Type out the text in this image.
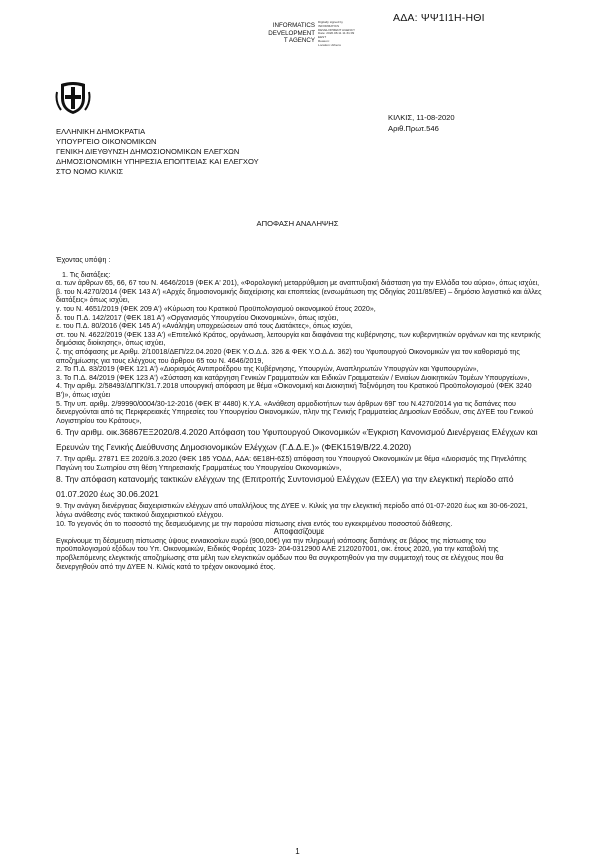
ΑΔΑ: ΨΨ1Ι1Η-ΗΘΙ
INFORMATICS
DEVELOPMENT
T AGENCY
Digitally signed by
INFORMATICS
DEVELOPMENT AGENCY
Date: 2020.08.11 11:31:09
EEST
Reason:
Location: Athens
ΕΛΛΗΝΙΚΗ ΔΗΜΟΚΡΑΤΙΑ
ΥΠΟΥΡΓΕΙΟ ΟΙΚΟΝΟΜΙΚΩΝ
ΓΕΝΙΚΗ ΔΙΕΥΘΥΝΣΗ ΔΗΜΟΣΙΟΝΟΜΙΚΩΝ ΕΛΕΓΧΩΝ
ΔΗΜΟΣΙΟΝΟΜΙΚΗ ΥΠΗΡΕΣΙΑ ΕΠΟΠΤΕΙΑΣ ΚΑΙ ΕΛΕΓΧΟΥ
ΣΤΟ ΝΟΜΟ ΚΙΛΚΙΣ
ΚΙΛΚΙΣ, 11-08-2020
Αριθ.Πρωτ.546
ΑΠΟΦΑΣΗ ΑΝΑΛΗΨΗΣ

Έχοντας υπόψη :

1. Τις διατάξεις:

α. των άρθρων 65, 66, 67 του Ν. 4646/2019 (ΦΕΚ Α' 201), «Φορολογική μεταρρύθμιση με αναπτυξιακή διάσταση για την Ελλάδα του αύριο», όπως ισχύει,

β. του Ν.4270/2014 (ΦΕΚ 143 Α') «Αρχές δημοσιονομικής διαχείρισης και εποπτείας (ενσωμάτωση της Οδηγίας 2011/85/ΕΕ) – δημόσιο λογιστικό και άλλες διατάξεις» όπως ισχύει,

γ. του Ν. 4651/2019 (ΦΕΚ 209 Α') «Κύρωση του Κρατικού Προϋπολογισμού οικονομικού έτους 2020»,

δ. του Π.Δ. 142/2017 (ΦΕΚ 181 Α') «Οργανισμός Υπουργείου Οικονομικών», όπως ισχύει,

ε. του Π.Δ. 80/2016 (ΦΕΚ 145 Α') «Ανάληψη υποχρεώσεων από τους Διατάκτες», όπως ισχύει,

στ. του Ν. 4622/2019 (ΦΕΚ 133 Α') «Επιτελικό Κράτος, οργάνωση, λειτουργία και διαφάνεια της κυβέρνησης, των κυβερνητικών οργάνων και της κεντρικής δημόσιας διοίκησης», όπως ισχύει,

ζ. της απόφασης με Αριθμ. 2/10018/ΔΕΠ/22.04.2020 (ΦΕΚ Υ.Ο.Δ.Δ. 326 & ΦΕΚ Υ.Ο.Δ.Δ. 362) του Υφυπουργού Οικονομικών για τον καθορισμό της αποζημίωσης για τους ελέγχους του άρθρου 65 του Ν. 4646/2019,

2. Το Π.Δ. 83/2019 (ΦΕΚ 121 Α') «Διορισμός Αντιπροέδρου της Κυβέρνησης, Υπουργών, Αναπληρωτών Υπουργών και Υφυπουργών»,

3. Το Π.Δ. 84/2019 (ΦΕΚ 123 Α') «Σύσταση και κατάργηση Γενικών Γραμματειών και Ειδικών Γραμματειών / Ενιαίων Διοικητικών Τομέων Υπουργείων»,

4. Την αριθμ. 2/58493/ΔΠΓΚ/31.7.2018 υπουργική απόφαση με θέμα «Οικονομική και Διοικητική Ταξινόμηση του Κρατικού Προϋπολογισμού (ΦΕΚ 3240 Β')», όπως ισχύει

5. Την υπ. αριθμ. 2/99990/0004/30-12-2016 (ΦΕΚ Β' 4480) Κ.Υ.Α. «Ανάθεση αρμοδιοτήτων των άρθρων 69Γ του Ν.4270/2014 για τις δαπάνες που διενεργούνται από τις Περιφερειακές Υπηρεσίες του Υπουργείου Οικονομικών, πλην της Γενικής Γραμματείας Δημοσίων Εσόδων, στις ΔΥΕΕ του Γενικού Λογιστηρίου του Κράτους»,

6. Την αριθμ. οικ.36867ΕΞ2020/8.4.2020 Απόφαση του Υφυπουργού Οικονομικών «Έγκριση Κανονισμού Διενέργειας Ελέγχων και Ερευνών της Γενικής Διεύθυνσης Δημοσιονομικών Ελέγχων (Γ.Δ.Δ.Ε.)» (ΦΕΚ1519/Β/22.4.2020)

7. Την αριθμ. 27871 ΕΞ 2020/6.3.2020 (ΦΕΚ 185 ΥΟΔΔ, ΑΔΑ: 6Ε18Η-6Σ5) απόφαση του Υπουργού Οικονομικών με θέμα «Διορισμός της Πηνελόπης Παγώνη του Σωτηρίου στη θέση Υπηρεσιακής Γραμματέως του Υπουργείου Οικονομικών»,

8. Την απόφαση κατανομής τακτικών ελέγχων της (Επιτροπής Συντονισμού Ελέγχων (ΕΣΕΛ) για την ελεγκτική περίοδο από 01.07.2020 έως 30.06.2021

9. Την ανάγκη διενέργειας διαχειριστικών ελέγχων από υπαλλήλους της ΔΥΕΕ ν. Κιλκίς για την ελεγκτική περίοδο από 01-07-2020 έως και 30-06-2021, λόγω ανάθεσης ενός τακτικού διαχειριστικού ελέγχου.

10. Το γεγονός ότι το ποσοστό της δεσμευόμενης με την παρούσα πίστωσης είναι εντός του εγκεκριμένου ποσοστού διάθεσης.

Αποφασίζουμε

Εγκρίνουμε τη δέσμευση πίστωσης ύψους εννιακοσίων ευρώ (900,00€) για την πληρωμή ισόποσης δαπάνης σε βάρος της πίστωσης του προϋπολογισμού εξόδων του Υπ. Οικονομικών, Ειδικός Φορέας 1023- 204-0312900 ΑΛΕ 2120207001, οικ. έτους 2020, για την καταβολή της προβλεπόμενης ελεγκτικής αποζημίωσης στα μέλη των ελεγκτικών ομάδων που θα συγκροτηθούν για την συμμετοχή τους σε ελέγχους που θα διενεργηθούν από την ΔΥΕΕ Ν. Κιλκίς κατά το τρέχον οικονομικό έτος.

1
